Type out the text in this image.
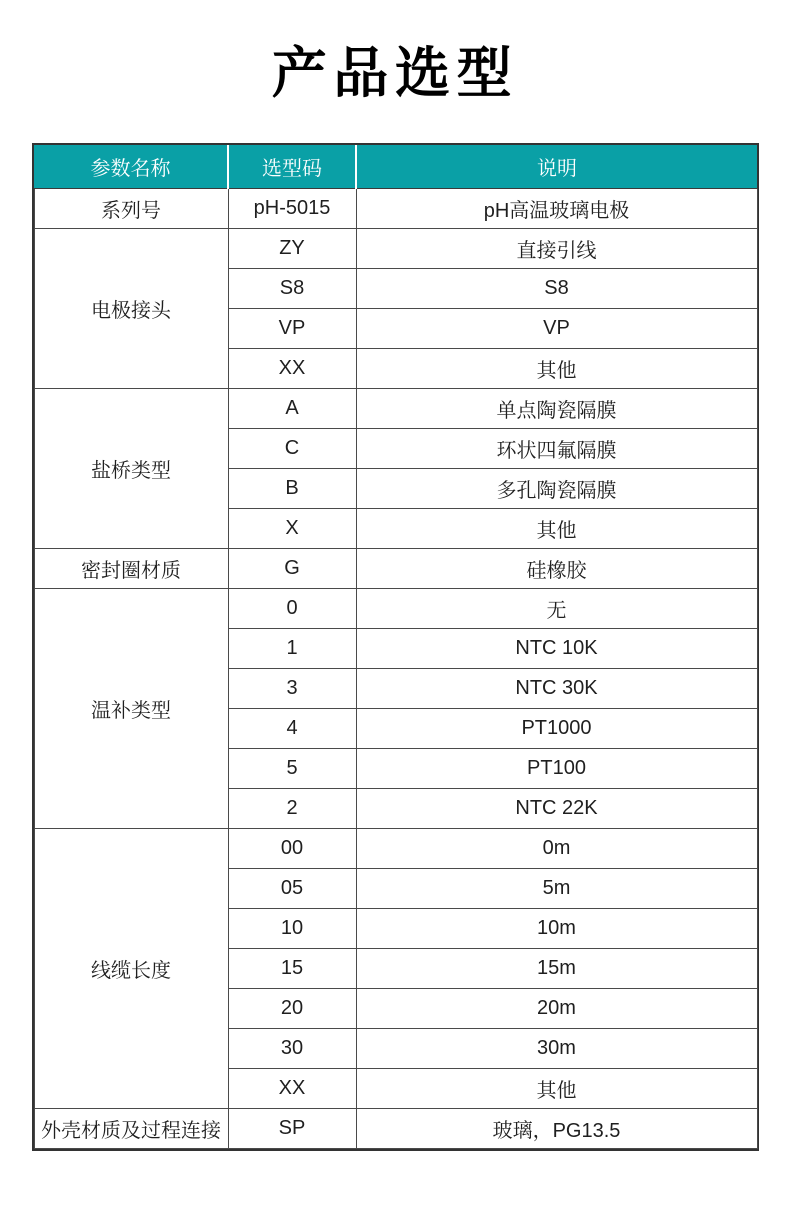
产品选型
参数名称	选型码	说明
系列号	pH-5015	pH高温玻璃电极
电极接头	ZY	直接引线
	S8	S8
	VP	VP
	XX	其他
盐桥类型	A	单点陶瓷隔膜
	C	环状四氟隔膜
	B	多孔陶瓷隔膜
	X	其他
密封圈材质	G	硅橡胶
温补类型	0	无
	1	NTC 10K
	3	NTC 30K
	4	PT1000
	5	PT100
	2	NTC 22K
线缆长度	00	0m
	05	5m
	10	10m
	15	15m
	20	20m
	30	30m
	XX	其他
外壳材质及过程连接	SP	玻璃，PG13.5
